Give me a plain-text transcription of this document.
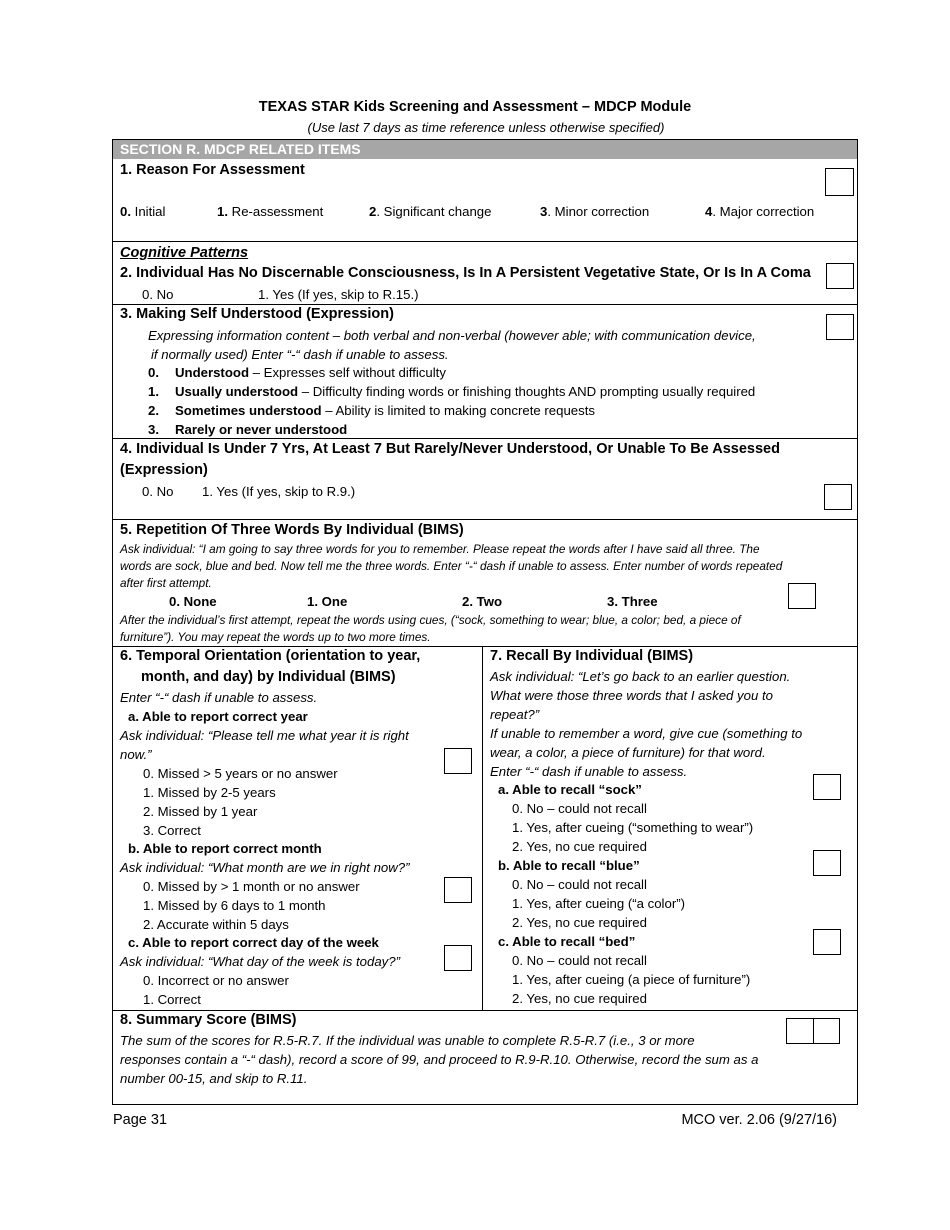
TEXAS STAR Kids Screening and Assessment – MDCP Module
(Use last 7 days as time reference unless otherwise specified)
SECTION R. MDCP RELATED ITEMS
1. Reason For Assessment
0. Initial	1. Re-assessment	2. Significant change	3. Minor correction	4. Major correction
Cognitive Patterns
2. Individual Has No Discernable Consciousness, Is In A Persistent Vegetative State, Or Is In A Coma
0. No	1. Yes (If yes, skip to R.15.)
3. Making Self Understood (Expression)
Expressing information content – both verbal and non-verbal (however able; with communication device,
if normally used) Enter “-“ dash if unable to assess.
0. Understood – Expresses self without difficulty
1. Usually understood – Difficulty finding words or finishing thoughts AND prompting usually required
2. Sometimes understood – Ability is limited to making concrete requests
3. Rarely or never understood
4. Individual Is Under 7 Yrs, At Least 7 But Rarely/Never Understood, Or Unable To Be Assessed
(Expression)
0. No 1. Yes (If yes, skip to R.9.)
5. Repetition Of Three Words By Individual (BIMS)
Ask individual: “I am going to say three words for you to remember. Please repeat the words after I have said all three. The
words are sock, blue and bed. Now tell me the three words. Enter “-“ dash if unable to assess. Enter number of words repeated
after first attempt.
0. None	1. One	2. Two	3. Three
After the individual’s first attempt, repeat the words using cues, (“sock, something to wear; blue, a color; bed, a piece of
furniture”). You may repeat the words up to two more times.
6. Temporal Orientation (orientation to year,
month, and day) by Individual (BIMS)
Enter “-“ dash if unable to assess.
a. Able to report correct year
Ask individual: “Please tell me what year it is right
now.”
0. Missed > 5 years or no answer
1. Missed by 2-5 years
2. Missed by 1 year
3. Correct
b. Able to report correct month
Ask individual: “What month are we in right now?”
0. Missed by > 1 month or no answer
1. Missed by 6 days to 1 month
2. Accurate within 5 days
c. Able to report correct day of the week
Ask individual: “What day of the week is today?”
0. Incorrect or no answer
1. Correct
7. Recall By Individual (BIMS)
Ask individual: “Let’s go back to an earlier question.
What were those three words that I asked you to
repeat?”
If unable to remember a word, give cue (something to
wear, a color, a piece of furniture) for that word.
Enter “-“ dash if unable to assess.
a. Able to recall “sock”
0. No – could not recall
1. Yes, after cueing (“something to wear”)
2. Yes, no cue required
b. Able to recall “blue”
0. No – could not recall
1. Yes, after cueing (“a color”)
2. Yes, no cue required
c. Able to recall “bed”
0. No – could not recall
1. Yes, after cueing (a piece of furniture”)
2. Yes, no cue required
8. Summary Score (BIMS)
The sum of the scores for R.5-R.7. If the individual was unable to complete R.5-R.7 (i.e., 3 or more
responses contain a “-“ dash), record a score of 99, and proceed to R.9-R.10. Otherwise, record the sum as a
number 00-15, and skip to R.11.
Page 31	MCO ver. 2.06 (9/27/16)
